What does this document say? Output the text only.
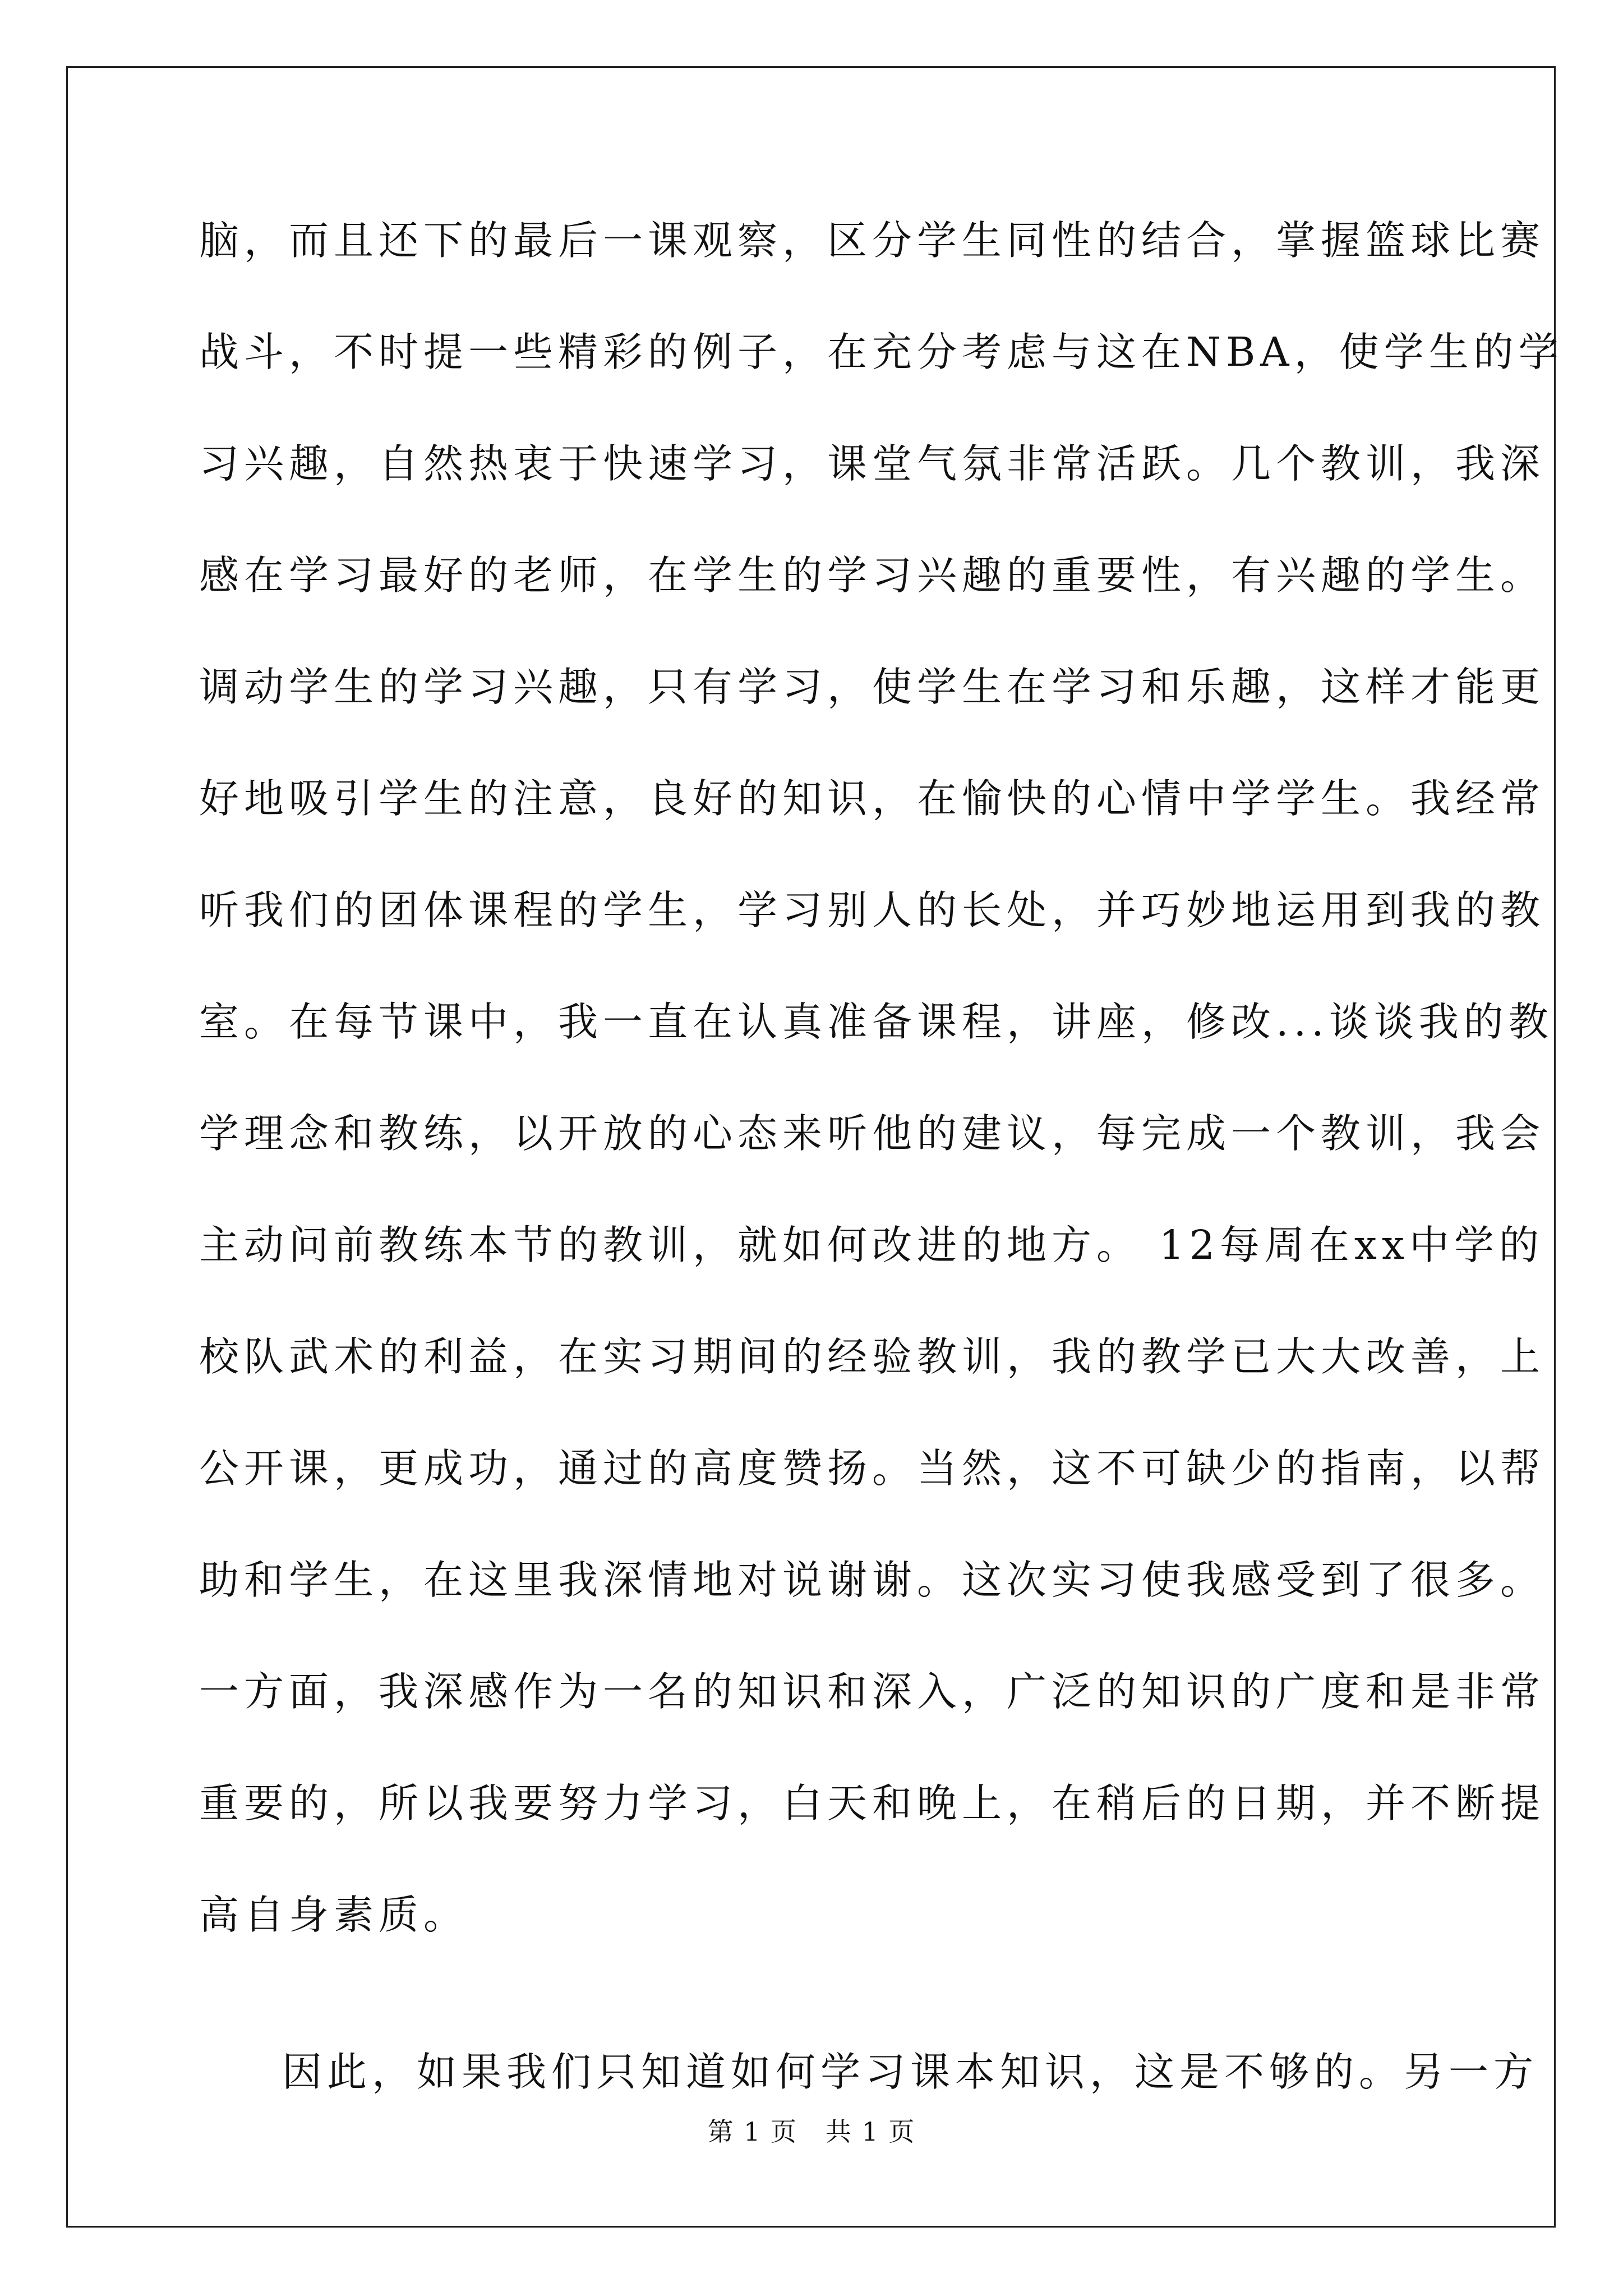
脑，而且还下的最后一课观察，区分学生同性的结合，掌握篮球比赛
战斗，不时提一些精彩的例子，在充分考虑与这在NBA，使学生的学
习兴趣，自然热衷于快速学习，课堂气氛非常活跃。几个教训，我深
感在学习最好的老师，在学生的学习兴趣的重要性，有兴趣的学生。
调动学生的学习兴趣，只有学习，使学生在学习和乐趣，这样才能更
好地吸引学生的注意，良好的知识，在愉快的心情中学学生。我经常
听我们的团体课程的学生，学习别人的长处，并巧妙地运用到我的教
室。在每节课中，我一直在认真准备课程，讲座，修改...谈谈我的教
学理念和教练，以开放的心态来听他的建议，每完成一个教训，我会
主动问前教练本节的教训，就如何改进的地方。 12每周在xx中学的
校队武术的利益，在实习期间的经验教训，我的教学已大大改善，上
公开课，更成功，通过的高度赞扬。当然，这不可缺少的指南，以帮
助和学生，在这里我深情地对说谢谢。这次实习使我感受到了很多。
一方面，我深感作为一名的知识和深入，广泛的知识的广度和是非常
重要的，所以我要努力学习，白天和晚上，在稍后的日期，并不断提
高自身素质。
因此，如果我们只知道如何学习课本知识，这是不够的。另一方
第 1 页   共 1 页
